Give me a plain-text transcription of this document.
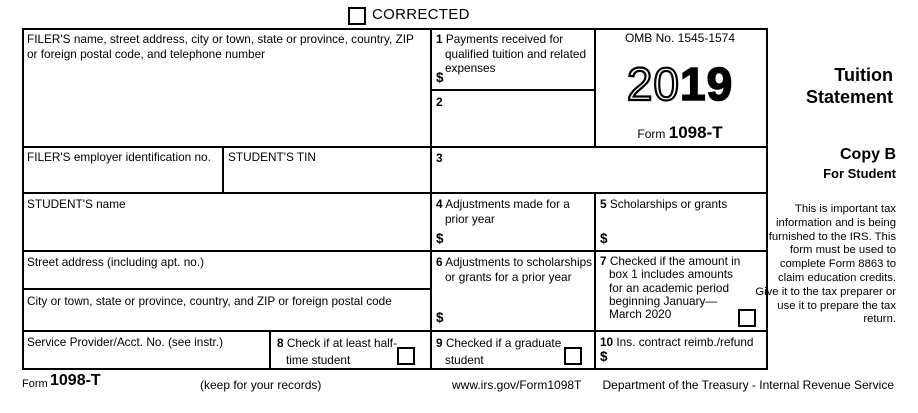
CORRECTED
FILER'S name, street address, city or town, state or province, country, ZIP or foreign postal code, and telephone number
1 Payments received for qualified tuition and related expenses
$
2
OMB No. 1545-1574
2019
Form 1098-T
FILER'S employer identification no.	STUDENT'S TIN	3
STUDENT'S name	4 Adjustments made for a prior year
$
5 Scholarships or grants
$
Street address (including apt. no.)
City or town, state or province, country, and ZIP or foreign postal code
6 Adjustments to scholarships or grants for a prior year
$
7 Checked if the amount in box 1 includes amounts for an academic period beginning January—March 2020
Service Provider/Acct. No. (see instr.)	8 Check if at least half-time student
9 Checked if a graduate student
10 Ins. contract reimb./refund
$
Tuition
Statement
Copy B
For Student
This is important tax information and is being furnished to the IRS. This form must be used to complete Form 8863 to claim education credits. Give it to the tax preparer or use it to prepare the tax return.
Form 1098-T	(keep for your records)	www.irs.gov/Form1098T Department of the Treasury - Internal Revenue Service
